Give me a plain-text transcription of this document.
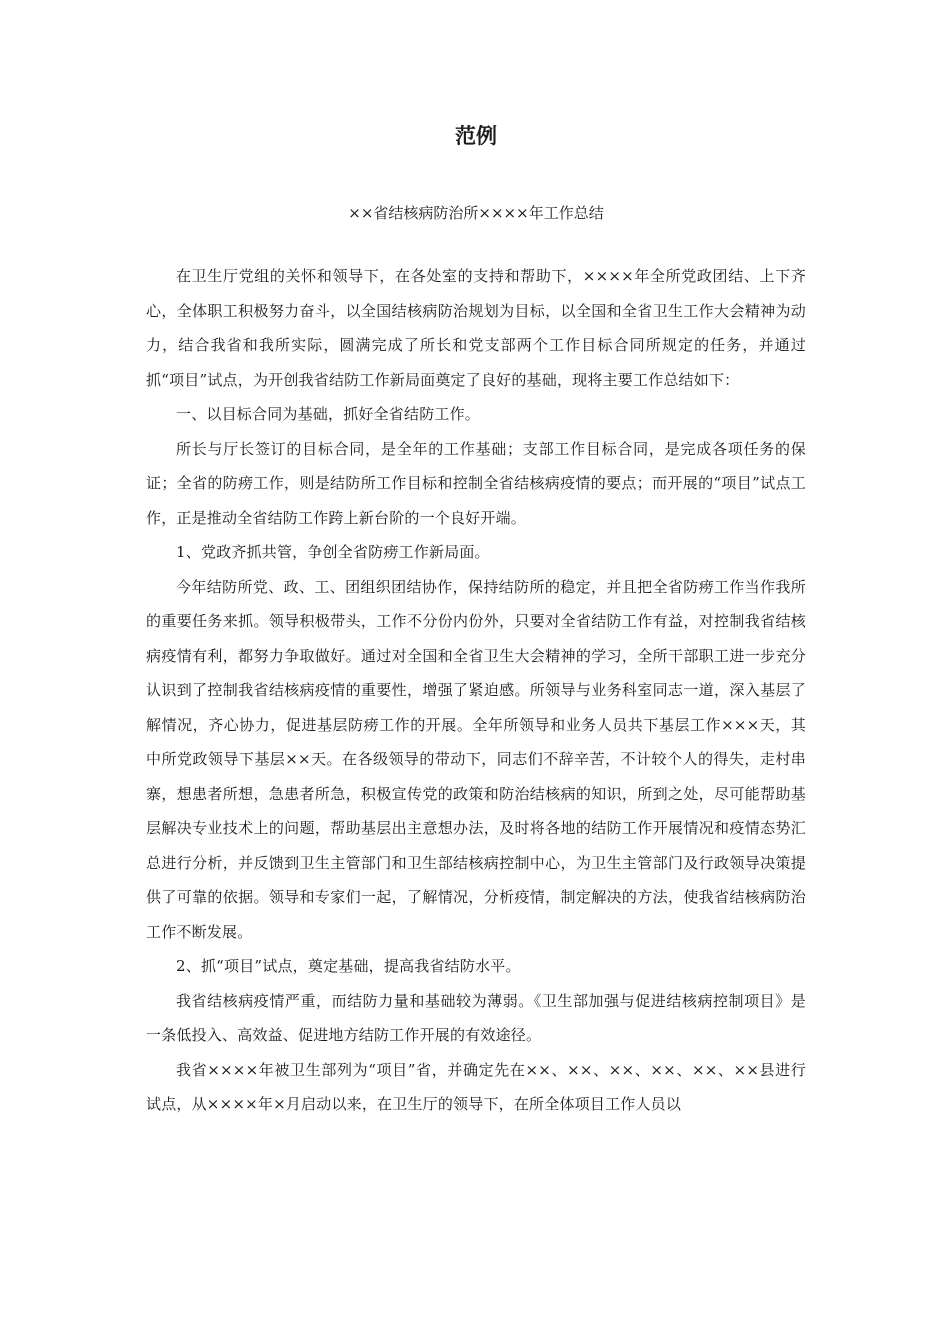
范例

××省结核病防治所××××年工作总结

在卫生厅党组的关怀和领导下，在各处室的支持和帮助下，××××年全所党政团结、上下齐心，全体职工积极努力奋斗，以全国结核病防治规划为目标，以全国和全省卫生工作大会精神为动力，结合我省和我所实际，圆满完成了所长和党支部两个工作目标合同所规定的任务，并通过抓“项目”试点，为开创我省结防工作新局面奠定了良好的基础，现将主要工作总结如下：

一、以目标合同为基础，抓好全省结防工作。

所长与厅长签订的目标合同，是全年的工作基础；支部工作目标合同，是完成各项任务的保证；全省的防痨工作，则是结防所工作目标和控制全省结核病疫情的要点；而开展的“项目”试点工作，正是推动全省结防工作跨上新台阶的一个良好开端。

1、党政齐抓共管，争创全省防痨工作新局面。

今年结防所党、政、工、团组织团结协作，保持结防所的稳定，并且把全省防痨工作当作我所的重要任务来抓。领导积极带头，工作不分份内份外，只要对全省结防工作有益，对控制我省结核病疫情有利，都努力争取做好。通过对全国和全省卫生大会精神的学习，全所干部职工进一步充分认识到了控制我省结核病疫情的重要性，增强了紧迫感。所领导与业务科室同志一道，深入基层了解情况，齐心协力，促进基层防痨工作的开展。全年所领导和业务人员共下基层工作×××天，其中所党政领导下基层××天。在各级领导的带动下，同志们不辞辛苦，不计较个人的得失，走村串寨，想患者所想，急患者所急，积极宣传党的政策和防治结核病的知识，所到之处，尽可能帮助基层解决专业技术上的问题，帮助基层出主意想办法，及时将各地的结防工作开展情况和疫情态势汇总进行分析，并反馈到卫生主管部门和卫生部结核病控制中心，为卫生主管部门及行政领导决策提供了可靠的依据。领导和专家们一起，了解情况，分析疫情，制定解决的方法，使我省结核病防治工作不断发展。

2、抓“项目”试点，奠定基础，提高我省结防水平。

我省结核病疫情严重，而结防力量和基础较为薄弱。《卫生部加强与促进结核病控制项目》是一条低投入、高效益、促进地方结防工作开展的有效途径。

我省××××年被卫生部列为“项目”省，并确定先在××、××、××、××、××、××县进行试点，从××××年×月启动以来，在卫生厅的领导下，在所全体项目工作人员以
